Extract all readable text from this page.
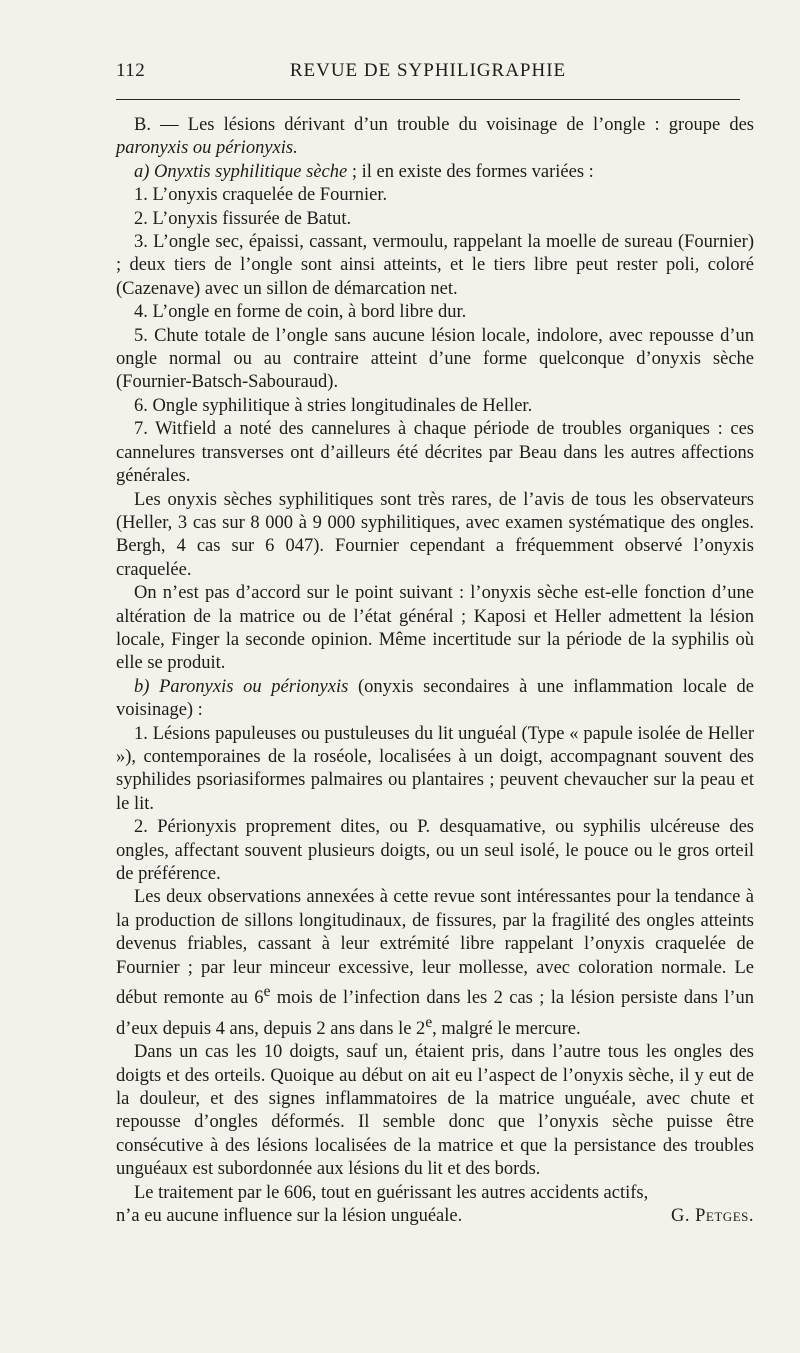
112	REVUE DE SYPHILIGRAPHIE

B. — Les lésions dérivant d’un trouble du voisinage de l’ongle : groupe des paronyxis ou périonyxis.

a) Onyxtis syphilitique sèche ; il en existe des formes variées :

1. L’onyxis craquelée de Fournier.

2. L’onyxis fissurée de Batut.

3. L’ongle sec, épaissi, cassant, vermoulu, rappelant la moelle de sureau (Fournier) ; deux tiers de l’ongle sont ainsi atteints, et le tiers libre peut rester poli, coloré (Cazenave) avec un sillon de démarcation net.

4. L’ongle en forme de coin, à bord libre dur.

5. Chute totale de l’ongle sans aucune lésion locale, indolore, avec repousse d’un ongle normal ou au contraire atteint d’une forme quelconque d’onyxis sèche (Fournier-Batsch-Sabouraud).

6. Ongle syphilitique à stries longitudinales de Heller.

7. Witfield a noté des cannelures à chaque période de troubles organiques : ces cannelures transverses ont d’ailleurs été décrites par Beau dans les autres affections générales.

Les onyxis sèches syphilitiques sont très rares, de l’avis de tous les observateurs (Heller, 3 cas sur 8 000 à 9 000 syphilitiques, avec examen systématique des ongles. Bergh, 4 cas sur 6 047). Fournier cependant a fréquemment observé l’onyxis craquelée.

On n’est pas d’accord sur le point suivant : l’onyxis sèche est-elle fonction d’une altération de la matrice ou de l’état général ; Kaposi et Heller admettent la lésion locale, Finger la seconde opinion. Même incertitude sur la période de la syphilis où elle se produit.

b) Paronyxis ou périonyxis (onyxis secondaires à une inflammation locale de voisinage) :

1. Lésions papuleuses ou pustuleuses du lit unguéal (Type « papule isolée de Heller »), contemporaines de la roséole, localisées à un doigt, accompagnant souvent des syphilides psoriasiformes palmaires ou plantaires ; peuvent chevaucher sur la peau et le lit.

2. Périonyxis proprement dites, ou P. desquamative, ou syphilis ulcéreuse des ongles, affectant souvent plusieurs doigts, ou un seul isolé, le pouce ou le gros orteil de préférence.

Les deux observations annexées à cette revue sont intéressantes pour la tendance à la production de sillons longitudinaux, de fissures, par la fragilité des ongles atteints devenus friables, cassant à leur extrémité libre rappelant l’onyxis craquelée de Fournier ; par leur minceur excessive, leur mollesse, avec coloration normale. Le début remonte au 6e mois de l’infection dans les 2 cas ; la lésion persiste dans l’un d’eux depuis 4 ans, depuis 2 ans dans le 2e, malgré le mercure.

Dans un cas les 10 doigts, sauf un, étaient pris, dans l’autre tous les ongles des doigts et des orteils. Quoique au début on ait eu l’aspect de l’onyxis sèche, il y eut de la douleur, et des signes inflammatoires de la matrice unguéale, avec chute et repousse d’ongles déformés. Il semble donc que l’onyxis sèche puisse être consécutive à des lésions localisées de la matrice et que la persistance des troubles unguéaux est subordonnée aux lésions du lit et des bords.

Le traitement par le 606, tout en guérissant les autres accidents actifs,

n’a eu aucune influence sur la lésion unguéale.	G. Petges.
